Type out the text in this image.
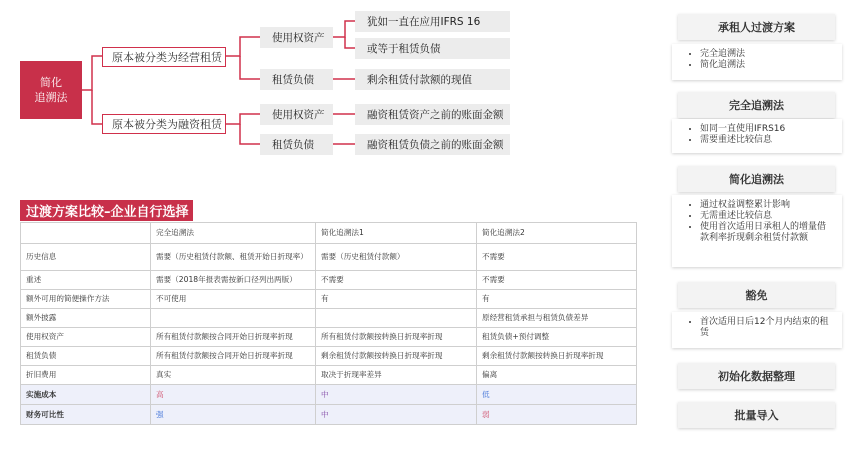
简化
追溯法
原本被分类为经营租赁
原本被分类为融资租赁
使用权资产
租赁负债
使用权资产
租赁负债
犹如一直在应用IFRS 16
或等于租赁负债
剩余租赁付款额的现值
融资租赁资产之前的账面金额
融资租赁负债之前的账面金额
过渡方案比较–企业自行选择
	完全追溯法	简化追溯法1	简化追溯法2
历史信息	需要（历史租赁付款额、租赁开始日折现率）	需要（历史租赁付款额）	不需要
重述	需要（2018年报表需按新口径列出两版）	不需要	不需要
额外可用的简便操作方法	不可使用	有	有
额外披露			原经营租赁承担与租赁负债差异
使用权资产	所有租赁付款额按合同开始日折现率折现	所有租赁付款额按转换日折现率折现	租赁负债+预付调整
租赁负债	所有租赁付款额按合同开始日折现率折现	剩余租赁付款额按转换日折现率折现	剩余租赁付款额按转换日折现率折现
折旧费用	真实	取决于折现率差异	偏离
实施成本	高	中	低
财务可比性	强	中	弱
承租人过渡方案
• 完全追溯法
• 简化追溯法
完全追溯法
• 如同一直使用IFRS16
• 需要重述比较信息
简化追溯法
• 通过权益调整累计影响
• 无需重述比较信息
• 使用首次适用日承租人的增量借款利率折现剩余租赁付款额
豁免
• 首次适用日后12个月内结束的租赁
初始化数据整理
批量导入
